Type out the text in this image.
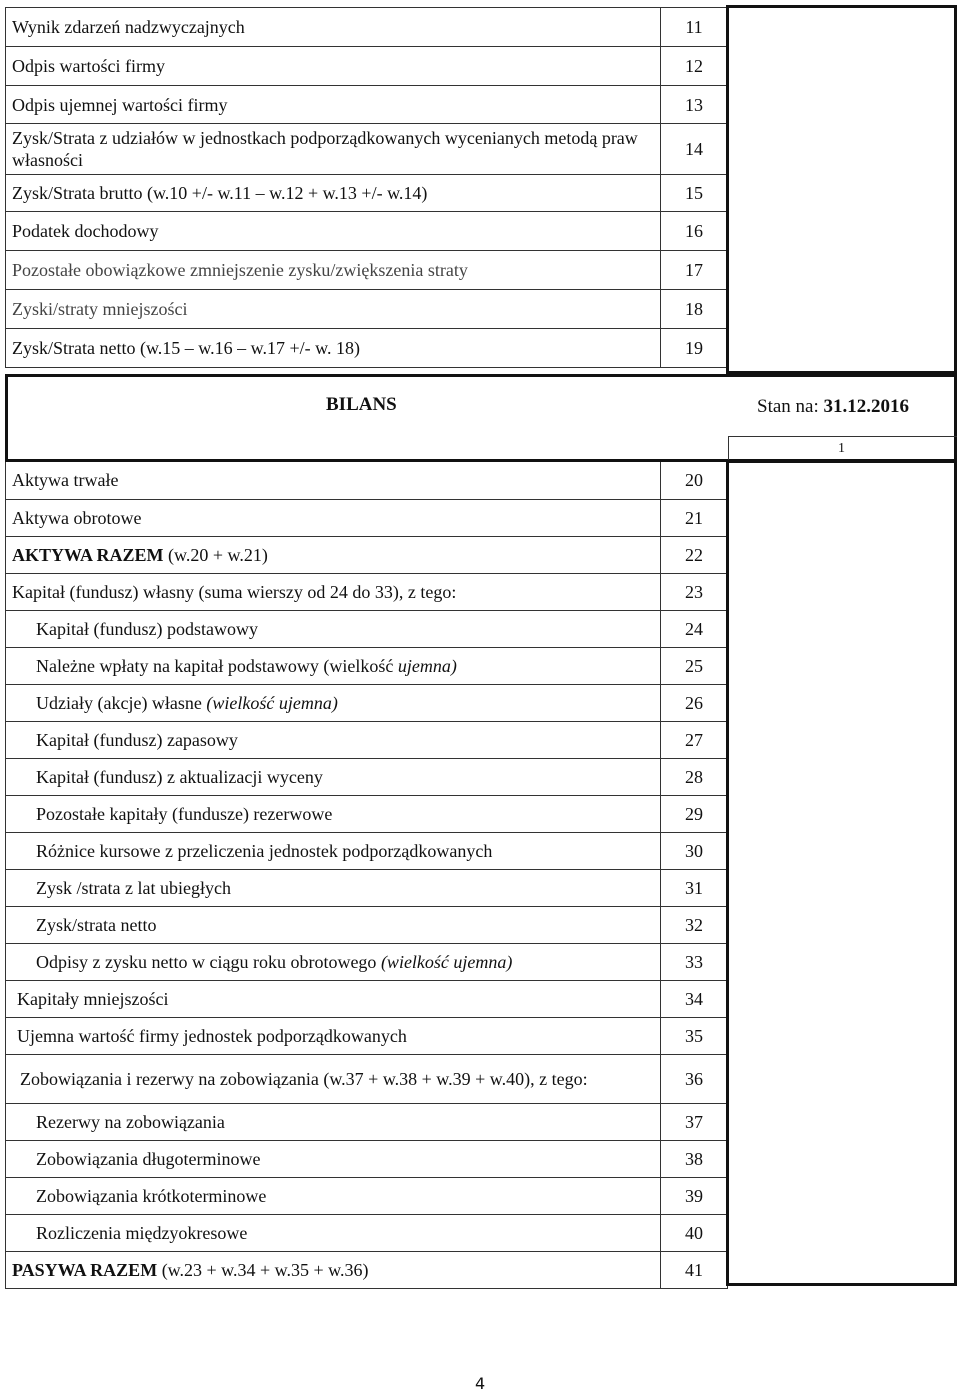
Wynik zdarzeń nadzwyczajnych	11
Odpis wartości firmy	12
Odpis ujemnej wartości firmy	13
Zysk/Strata z udziałów w jednostkach podporządkowanych wycenianych metodą praw własności	14
Zysk/Strata brutto (w.10 +/- w.11 – w.12 + w.13 +/- w.14)	15
Podatek dochodowy	16
Pozostałe obowiązkowe zmniejszenie zysku/zwiększenia straty	17
Zyski/straty mniejszości	18
Zysk/Strata netto (w.15 – w.16 – w.17 +/- w. 18)	19
BILANS	Stan na: 31.12.2016
1
Aktywa trwałe	20
Aktywa obrotowe	21
AKTYWA RAZEM (w.20 + w.21)	22
Kapitał (fundusz) własny (suma wierszy od 24 do 33), z tego:	23
Kapitał (fundusz) podstawowy	24
Należne wpłaty na kapitał podstawowy (wielkość ujemna)	25
Udziały (akcje) własne (wielkość ujemna)	26
Kapitał (fundusz) zapasowy	27
Kapitał (fundusz) z aktualizacji wyceny	28
Pozostałe kapitały (fundusze) rezerwowe	29
Różnice kursowe z przeliczenia jednostek podporządkowanych	30
Zysk /strata z lat ubiegłych	31
Zysk/strata netto	32
Odpisy z zysku netto w ciągu roku obrotowego (wielkość ujemna)	33
Kapitały mniejszości	34
Ujemna wartość firmy jednostek podporządkowanych	35
Zobowiązania i rezerwy na zobowiązania (w.37 + w.38 + w.39 + w.40), z tego:	36
Rezerwy na zobowiązania	37
Zobowiązania długoterminowe	38
Zobowiązania krótkoterminowe	39
Rozliczenia międzyokresowe	40
PASYWA RAZEM (w.23 + w.34 + w.35 + w.36)	41
4
